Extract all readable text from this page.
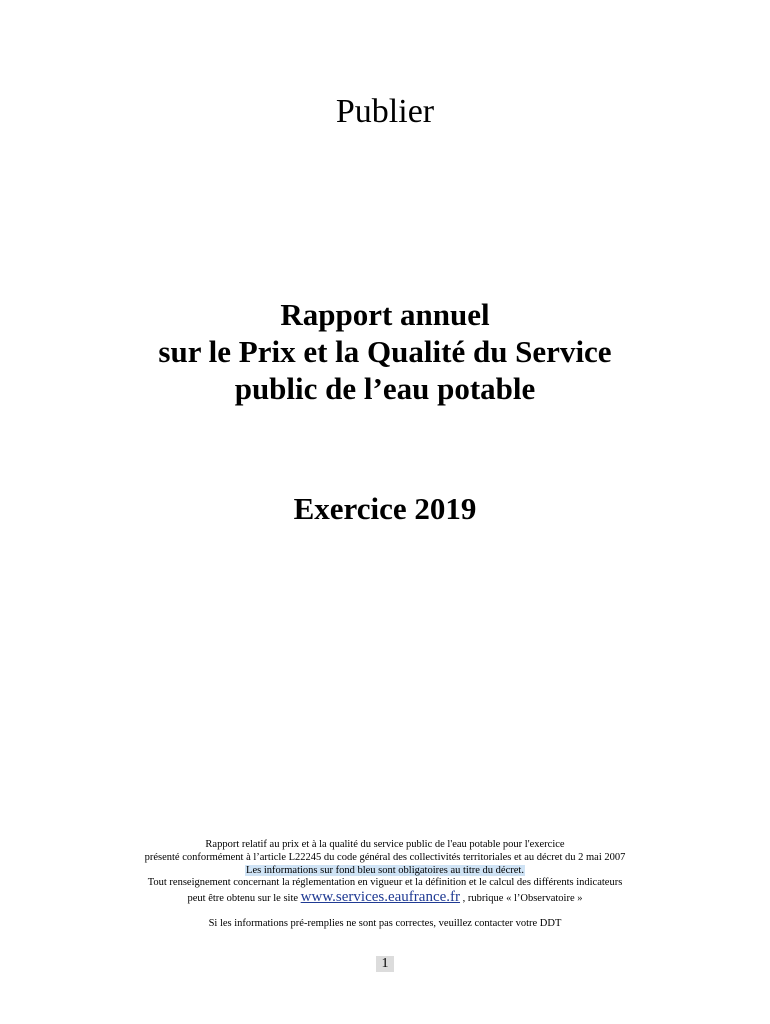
Publier
Rapport annuel
sur le Prix et la Qualité du Service
public de l’eau potable
Exercice 2019
Rapport relatif au prix et à la qualité du service public de l'eau potable pour l'exercice
présenté conformément à l’article L22245 du code général des collectivités territoriales et au décret du 2 mai 2007
Les informations sur fond bleu sont obligatoires au titre du décret.
Tout renseignement concernant la réglementation en vigueur et la définition et le calcul des différents indicateurs
peut être obtenu sur le site www.services.eaufrance.fr , rubrique « l’Observatoire »
Si les informations pré-remplies ne sont pas correctes, veuillez contacter votre DDT
1
